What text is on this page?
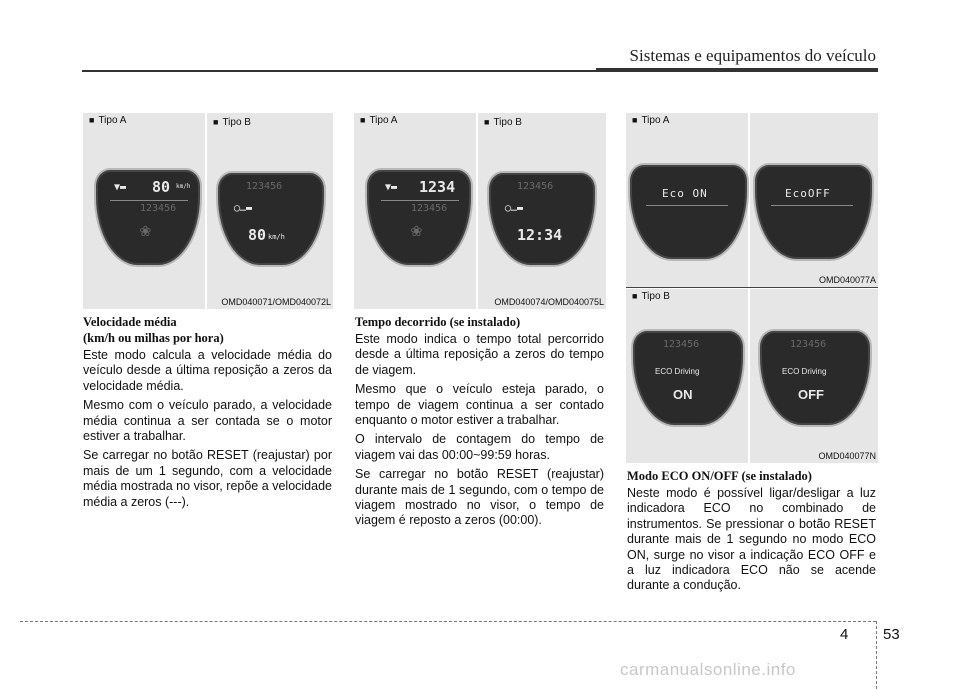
Sistemas e equipamentos do veículo
■ Tipo A	■ Tipo B
OMD040071/OMD040072L
▼▬ 80 km/h
123456
❀
123456
◯…▬
80 km/h
■ Tipo A	■ Tipo B
OMD040074/OMD040075L
▼▬ 1234
123456
❀
123456
◯…▬
12:34
■ Tipo A
OMD040077A
Eco ON	EcoOFF
■ Tipo B
OMD040077N
123456
ECO Driving
ON
123456
ECO Driving
OFF
Velocidade média
(km/h ou milhas por hora)

Este modo calcula a velocidade média do veículo desde a última reposição a zeros da velocidade média.

Mesmo com o veículo parado, a velocidade média continua a ser contada se o motor estiver a trabalhar.

Se carregar no botão RESET (reajustar) por mais de um 1 segundo, com a velocidade média mostrada no visor, repõe a velocidade média a zeros (---).

Tempo decorrido (se instalado)

Este modo indica o tempo total percorrido desde a última reposição a zeros do tempo de viagem.

Mesmo que o veículo esteja parado, o tempo de viagem continua a ser contado enquanto o motor estiver a trabalhar.

O intervalo de contagem do tempo de viagem vai das 00:00~99:59 horas.

Se carregar no botão RESET (reajustar) durante mais de 1 segundo, com o tempo de viagem mostrado no visor, o tempo de viagem é reposto a zeros (00:00).

Modo ECO ON/OFF (se instalado)

Neste modo é possível ligar/desligar a luz indicadora ECO no combinado de instrumentos. Se pressionar o botão RESET durante mais de 1 segundo no modo ECO ON, surge no visor a indicação ECO OFF e a luz indicadora ECO não se acende durante a condução.

4 53
carmanualsonline.info
